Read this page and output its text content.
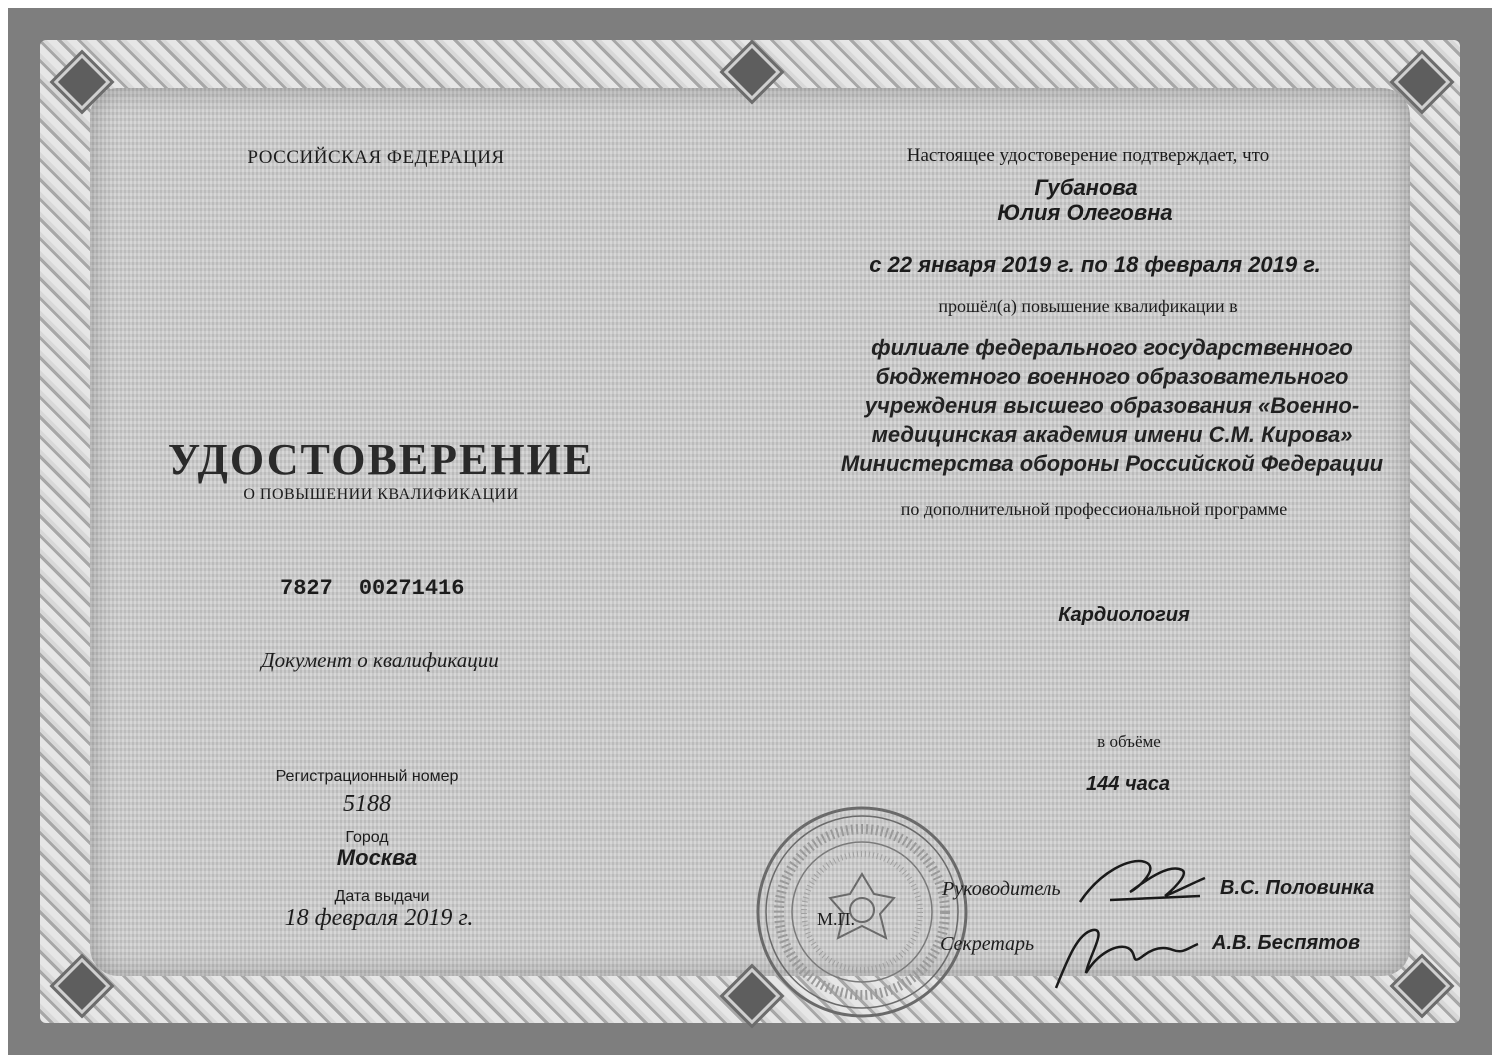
РОССИЙСКАЯ ФЕДЕРАЦИЯ
УДОСТОВЕРЕНИЕ
О ПОВЫШЕНИИ КВАЛИФИКАЦИИ
7827 00271416
Документ о квалификации
Регистрационный номер
5188
Город
Москва
Дата выдачи
18 февраля 2019 г.
Настоящее удостоверение подтверждает, что
Губанова
Юлия Олеговна
с 22 января 2019 г. по 18 февраля 2019 г.
прошёл(а) повышение квалификации в
филиале федерального государственного
бюджетного военного образовательного
учреждения высшего образования «Военно-
медицинская академия имени С.М. Кирова»
Министерства обороны Российской Федерации
по дополнительной профессиональной программе
Кардиология
в объёме
144 часа
М.П.
Руководитель	В.С. Половинка
Секретарь	А.В. Беспятов
